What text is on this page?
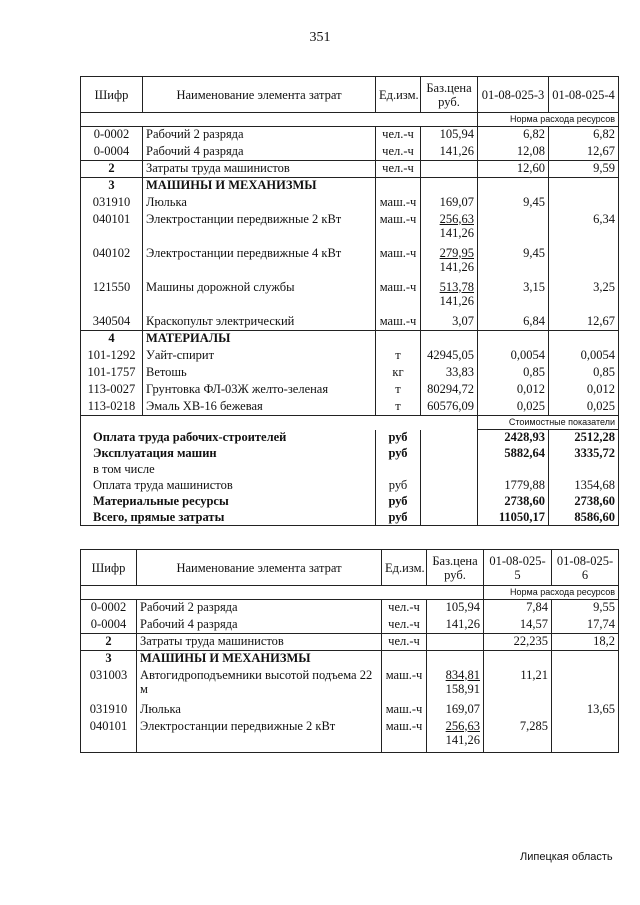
351
Шифр	Наименование элемента затрат	Ед.изм.	Баз.цена руб.	01-08-025-3	01-08-025-4
				Норма расхода ресурсов	
0-0002	Рабочий 2 разряда	чел.-ч	105,94	6,82	6,82
0-0004	Рабочий 4 разряда	чел.-ч	141,26	12,08	12,67
2	Затраты труда машинистов	чел.-ч		12,60	9,59
3	МАШИНЫ И МЕХАНИЗМЫ				
031910	Люлька	маш.-ч	169,07	9,45	
040101	Электростанции передвижные 2 кВт	маш.-ч	256,63
141,26		6,34
040102	Электростанции передвижные 4 кВт	маш.-ч	279,95
141,26	9,45	
121550	Машины дорожной службы	маш.-ч	513,78
141,26	3,15	3,25
340504	Краскопульт электрический	маш.-ч	3,07	6,84	12,67
4	МАТЕРИАЛЫ				
101-1292	Уайт-спирит	т	42945,05	0,0054	0,0054
101-1757	Ветошь	кг	33,83	0,85	0,85
113-0027	Грунтовка ФЛ-03Ж желто-зеленая	т	80294,72	0,012	0,012
113-0218	Эмаль ХВ-16 бежевая	т	60576,09	0,025	0,025
				Стоимостные показатели	
Оплата труда рабочих-строителей		руб		2428,93	2512,28
Эксплуатация машин		руб		5882,64	3335,72
в том числе					
Оплата труда машинистов		руб		1779,88	1354,68
Материальные ресурсы		руб		2738,60	2738,60
Всего, прямые затраты		руб		11050,17	8586,60
Шифр	Наименование элемента затрат	Ед.изм.	Баз.цена руб.	01-08-025-5	01-08-025-6
				Норма расхода ресурсов	
0-0002	Рабочий 2 разряда	чел.-ч	105,94	7,84	9,55
0-0004	Рабочий 4 разряда	чел.-ч	141,26	14,57	17,74
2	Затраты труда машинистов	чел.-ч		22,235	18,2
3	МАШИНЫ И МЕХАНИЗМЫ				
031003	Автогидроподъемники высотой подъема 22 м	маш.-ч	834,81
158,91	11,21	
031910	Люлька	маш.-ч	169,07		13,65
040101	Электростанции передвижные 2 кВт	маш.-ч	256,63
141,26	7,285	
Липецкая область
